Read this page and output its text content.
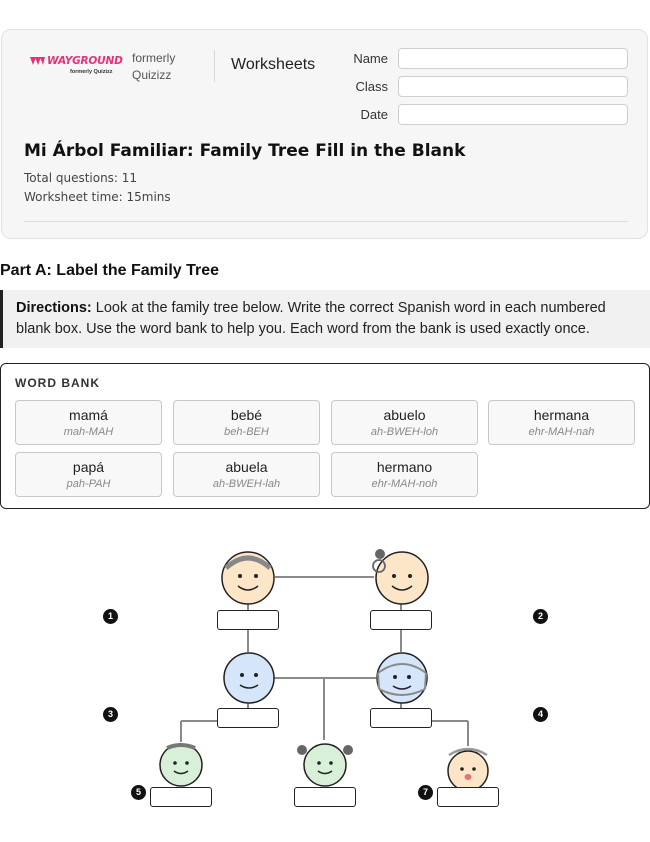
WAYGROUND
formerly Quizizz
formerly Quizizz
Worksheets	Name
Class
Date
Mi Árbol Familiar: Family Tree Fill in the Blank
Total questions: 11
Worksheet time: 15mins
Part A: Label the Family Tree
Directions: Look at the family tree below. Write the correct Spanish word in each numbered blank box. Use the word bank to help you. Each word from the bank is used exactly once.
WORD BANK
mamá
mah-MAH
bebé
beh-BEH
abuelo
ah-BWEH-loh
hermana
ehr-MAH-nah
papá
pah-PAH
abuela
ah-BWEH-lah
hermano
ehr-MAH-noh
1	2
3	4
5	7
